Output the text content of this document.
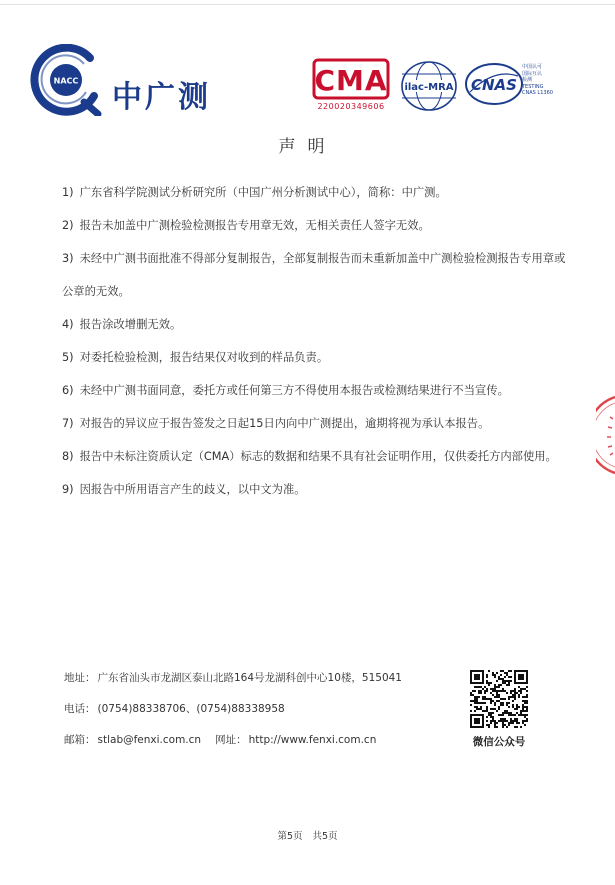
NACC 中广测	CMA
220020349606
ilac-MRA CNAS
中国认可
国际互认
检测
TESTING
CNAS L1360
声明

1) 广东省科学院测试分析研究所（中国广州分析测试中心），简称：中广测。

2) 报告未加盖中广测检验检测报告专用章无效，无相关责任人签字无效。

3) 未经中广测书面批准不得部分复制报告，全部复制报告而未重新加盖中广测检验检测报告专用章或公章的无效。

4) 报告涂改增删无效。

5) 对委托检验检测，报告结果仅对收到的样品负责。

6) 未经中广测书面同意，委托方或任何第三方不得使用本报告或检测结果进行不当宣传。

7) 对报告的异议应于报告签发之日起15日内向中广测提出，逾期将视为承认本报告。

8) 报告中未标注资质认定（CMA）标志的数据和结果不具有社会证明作用，仅供委托方内部使用。

9) 因报告中所用语言产生的歧义，以中文为准。

地址： 广东省汕头市龙湖区泰山北路164号龙湖科创中心10楼，515041
电话： (0754)88338706、(0754)88338958
邮箱： stlab@fenxi.com.cn 网址： http://www.fenxi.com.cn	微信公众号
第5页 共5页
